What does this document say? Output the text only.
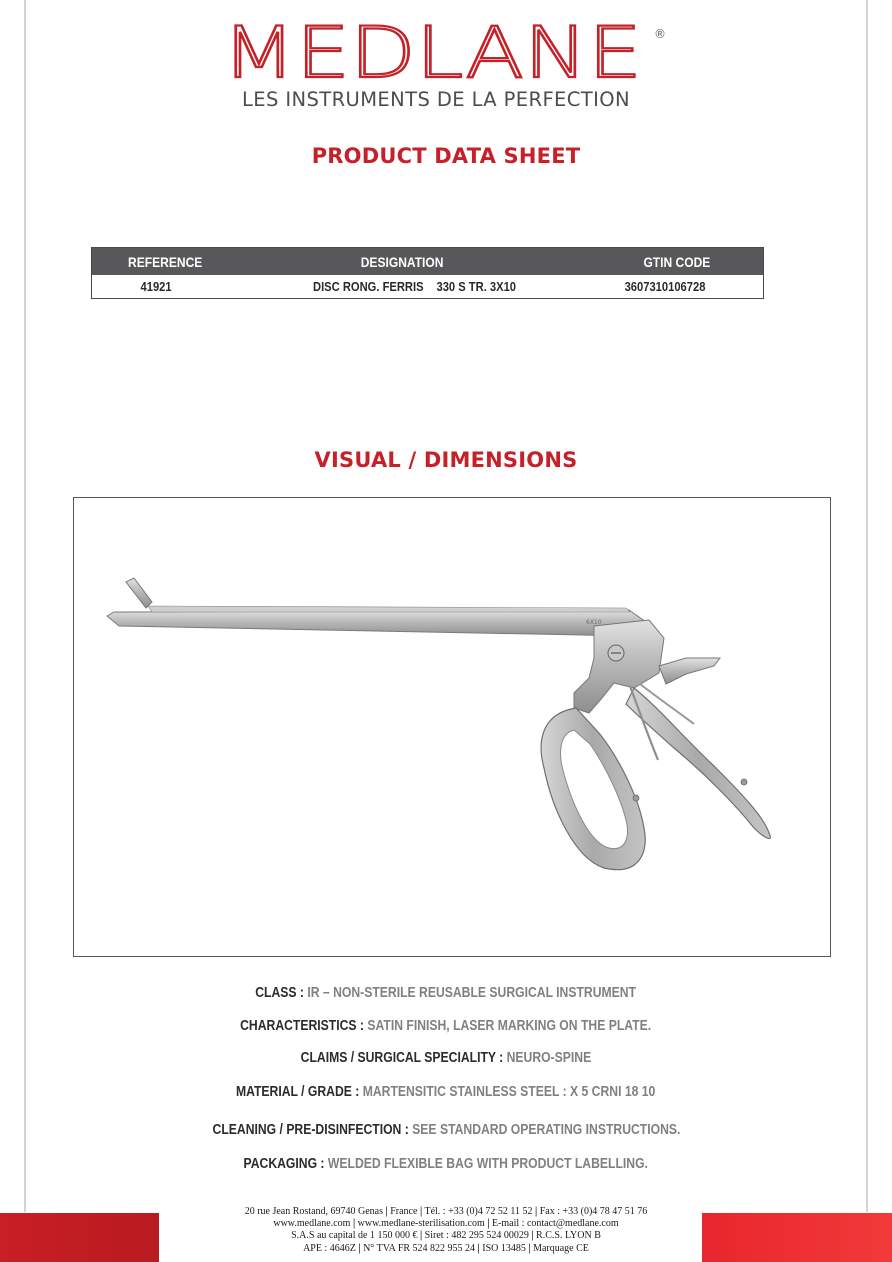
MEDLANE ®
LES INSTRUMENTS DE LA PERFECTION
PRODUCT DATA SHEET
REFERENCE	DESIGNATION	GTIN CODE
41921	DISC RONG. FERRIS 330 S TR. 3X10	3607310106728
VISUAL / DIMENSIONS
6X10
CLASS : IR – NON-STERILE REUSABLE SURGICAL INSTRUMENT
CHARACTERISTICS : SATIN FINISH, LASER MARKING ON THE PLATE.
CLAIMS / SURGICAL SPECIALITY : NEURO-SPINE
MATERIAL / GRADE : MARTENSITIC STAINLESS STEEL : X 5 CRNI 18 10
CLEANING / PRE-DISINFECTION : SEE STANDARD OPERATING INSTRUCTIONS.
PACKAGING : WELDED FLEXIBLE BAG WITH PRODUCT LABELLING.
20 rue Jean Rostand, 69740 Genas | France | Tél. : +33 (0)4 72 52 11 52 | Fax : +33 (0)4 78 47 51 76
www.medlane.com | www.medlane-sterilisation.com | E-mail : contact@medlane.com
S.A.S au capital de 1 150 000 € | Siret : 482 295 524 00029 | R.C.S. LYON B
APE : 4646Z | N° TVA FR 524 822 955 24 | ISO 13485 | Marquage CE
